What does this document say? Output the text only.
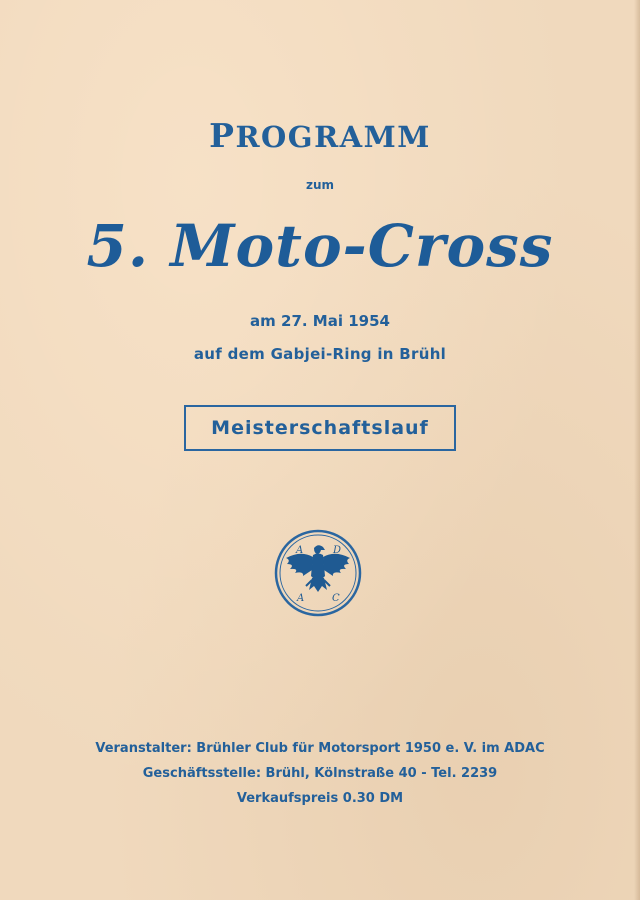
PROGRAMM
zum
5. Moto-Cross
am 27. Mai 1954
auf dem Gabjei-Ring in Brühl
Meisterschaftslauf
A	D
A	C
Veranstalter: Brühler Club für Motorsport 1950 e. V. im ADAC
Geschäftsstelle: Brühl, Kölnstraße 40 - Tel. 2239
Verkaufspreis 0.30 DM
